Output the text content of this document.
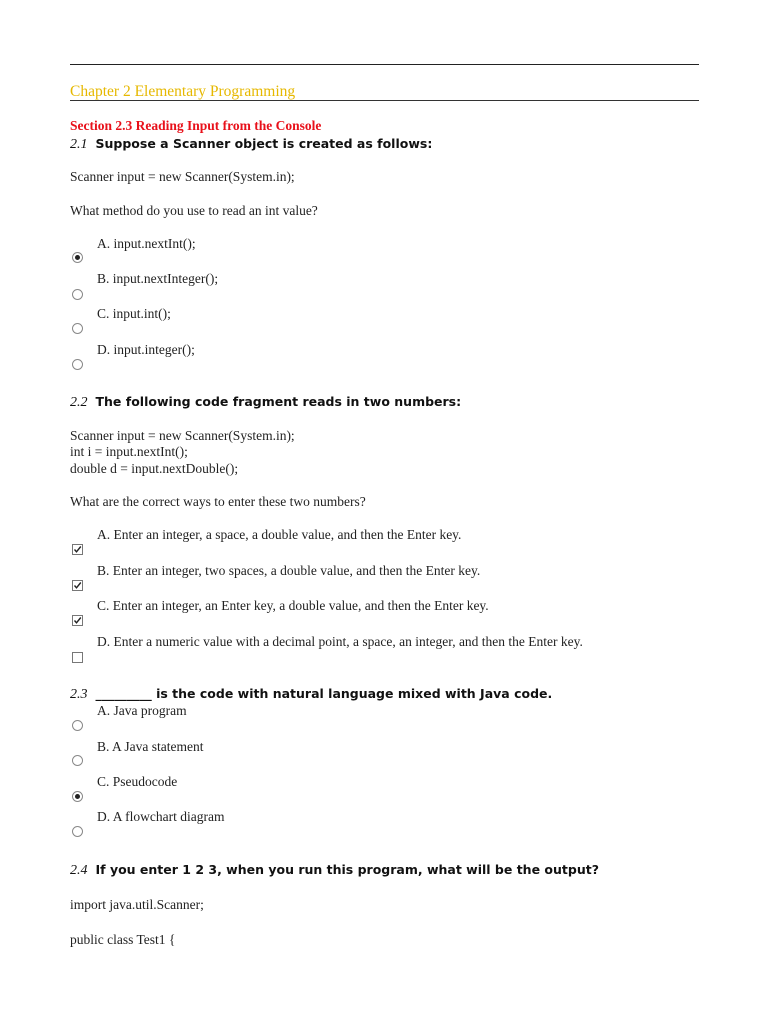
Chapter 2 Elementary Programming
Section 2.3 Reading Input from the Console
2.1 Suppose a Scanner object is created as follows:
Scanner input = new Scanner(System.in);
What method do you use to read an int value?
A. input.nextInt();
B. input.nextInteger();
C. input.int();
D. input.integer();
2.2 The following code fragment reads in two numbers:
Scanner input = new Scanner(System.in);
int i = input.nextInt();
double d = input.nextDouble();
What are the correct ways to enter these two numbers?
A. Enter an integer, a space, a double value, and then the Enter key.
B. Enter an integer, two spaces, a double value, and then the Enter key.
C. Enter an integer, an Enter key, a double value, and then the Enter key.
D. Enter a numeric value with a decimal point, a space, an integer, and then the Enter key.
2.3 _________ is the code with natural language mixed with Java code.
A. Java program
B. A Java statement
C. Pseudocode
D. A flowchart diagram
2.4 If you enter 1 2 3, when you run this program, what will be the output?
import java.util.Scanner;
public class Test1 {
